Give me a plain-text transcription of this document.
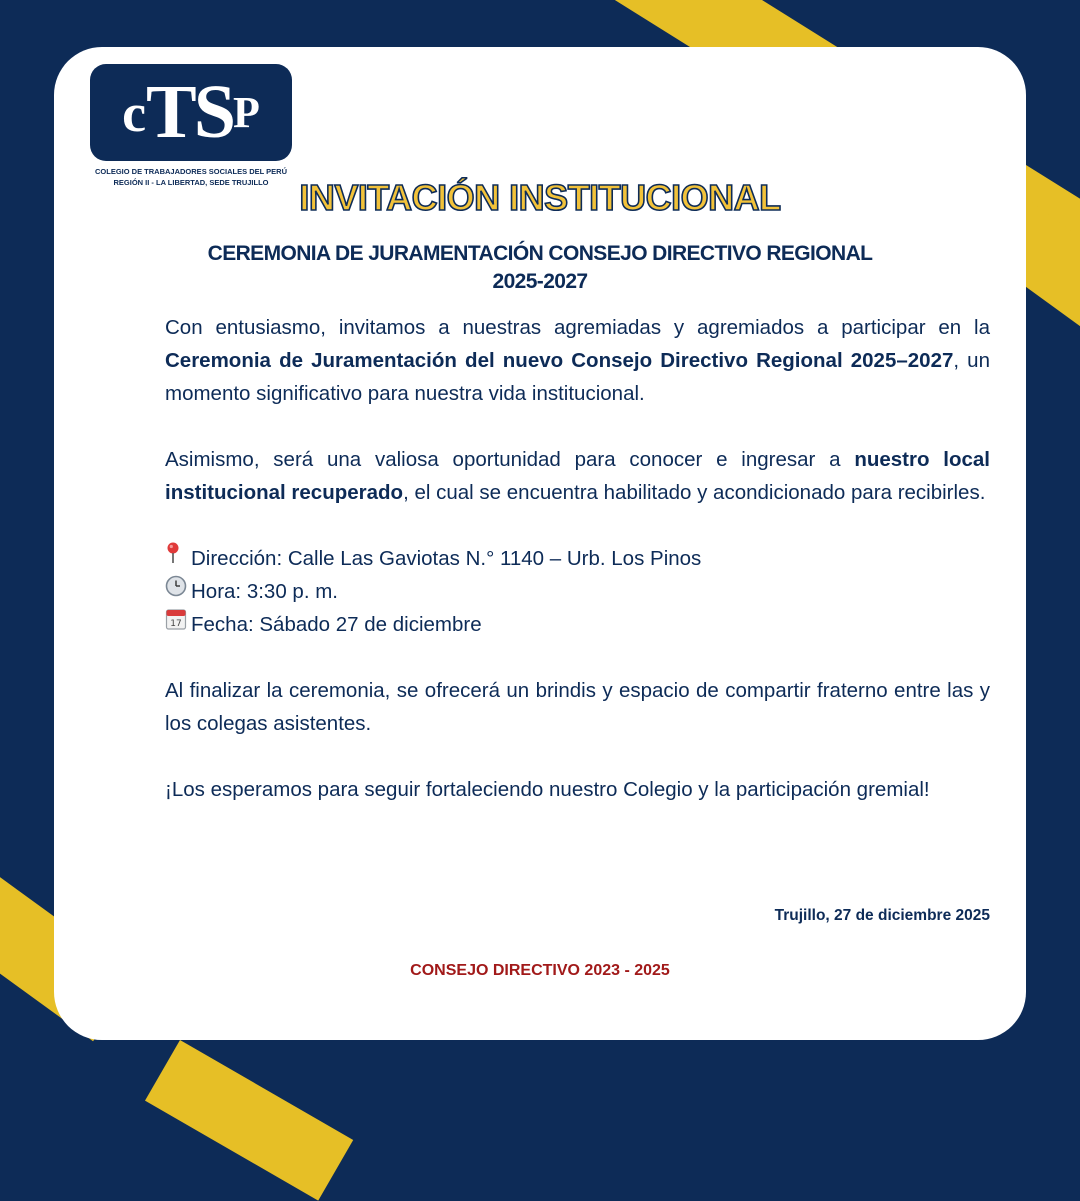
c TS P
COLEGIO DE TRABAJADORES SOCIALES DEL PERÚ
REGIÓN II - LA LIBERTAD, SEDE TRUJILLO INVITACIÓN INSTITUCIONAL
CEREMONIA DE JURAMENTACIÓN CONSEJO DIRECTIVO REGIONAL
2025-2027

Con entusiasmo, invitamos a nuestras agremiadas y agremiados a participar en la Ceremonia de Juramentación del nuevo Consejo Directivo Regional 2025–2027, un momento significativo para nuestra vida institucional.

Asimismo, será una valiosa oportunidad para conocer e ingresar a nuestro local institucional recuperado, el cual se encuentra habilitado y acondicionado para recibirles.

Dirección: Calle Las Gaviotas N.° 1140 – Urb. Los Pinos
Hora: 3:30 p. m.
17 Fecha: Sábado 27 de diciembre

Al finalizar la ceremonia, se ofrecerá un brindis y espacio de compartir fraterno entre las y los colegas asistentes.

¡Los esperamos para seguir fortaleciendo nuestro Colegio y la participación gremial!

Trujillo, 27 de diciembre 2025
CONSEJO DIRECTIVO 2023 - 2025
